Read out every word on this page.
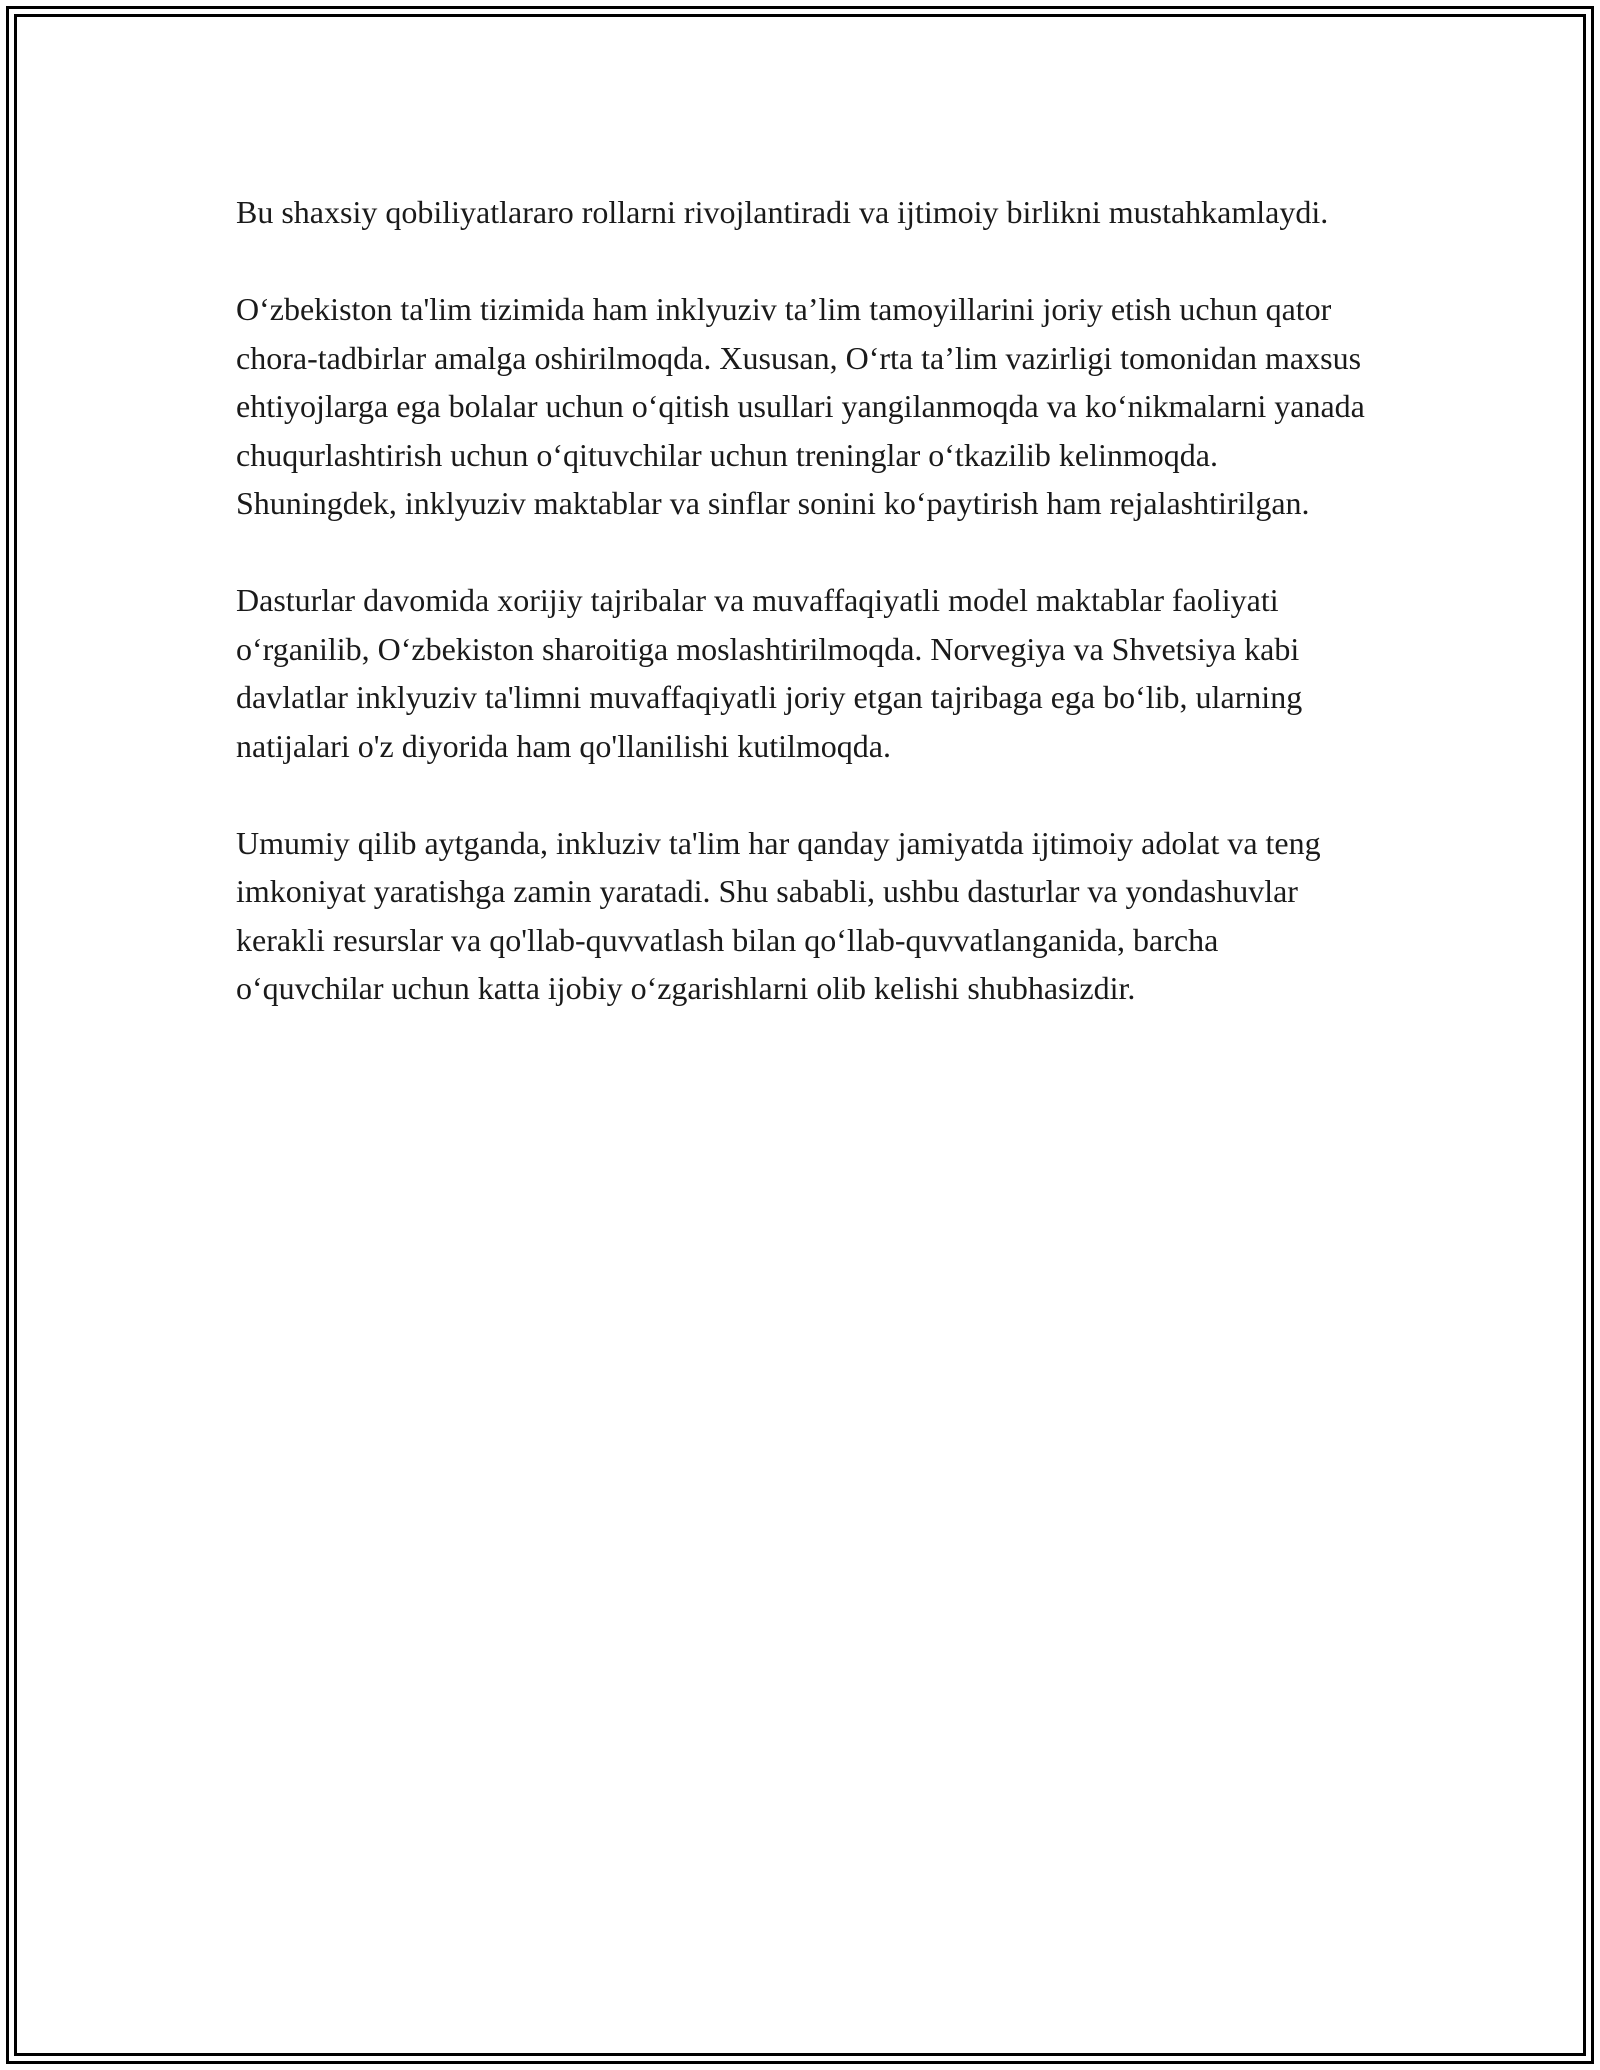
Bu shaxsiy qobiliyatlararo rollarni rivojlantiradi va ijtimoiy birlikni mustahkamlaydi.

O‘zbekiston ta'lim tizimida ham inklyuziv ta’lim tamoyillarini joriy etish uchun qator chora-tadbirlar amalga oshirilmoqda. Xususan, O‘rta ta’lim vazirligi tomonidan maxsus ehtiyojlarga ega bolalar uchun o‘qitish usullari yangilanmoqda va ko‘nikmalarni yanada chuqurlashtirish uchun o‘qituvchilar uchun treninglar o‘tkazilib kelinmoqda. Shuningdek, inklyuziv maktablar va sinflar sonini ko‘paytirish ham rejalashtirilgan.

Dasturlar davomida xorijiy tajribalar va muvaffaqiyatli model maktablar faoliyati o‘rganilib, O‘zbekiston sharoitiga moslashtirilmoqda. Norvegiya va Shvetsiya kabi davlatlar inklyuziv ta'limni muvaffaqiyatli joriy etgan tajribaga ega bo‘lib, ularning natijalari o'z diyorida ham qo'llanilishi kutilmoqda.

Umumiy qilib aytganda, inkluziv ta'lim har qanday jamiyatda ijtimoiy adolat va teng imkoniyat yaratishga zamin yaratadi. Shu sababli, ushbu dasturlar va yondashuvlar kerakli resurslar va qo'llab-quvvatlash bilan qo‘llab-quvvatlanganida, barcha o‘quvchilar uchun katta ijobiy o‘zgarishlarni olib kelishi shubhasizdir.
